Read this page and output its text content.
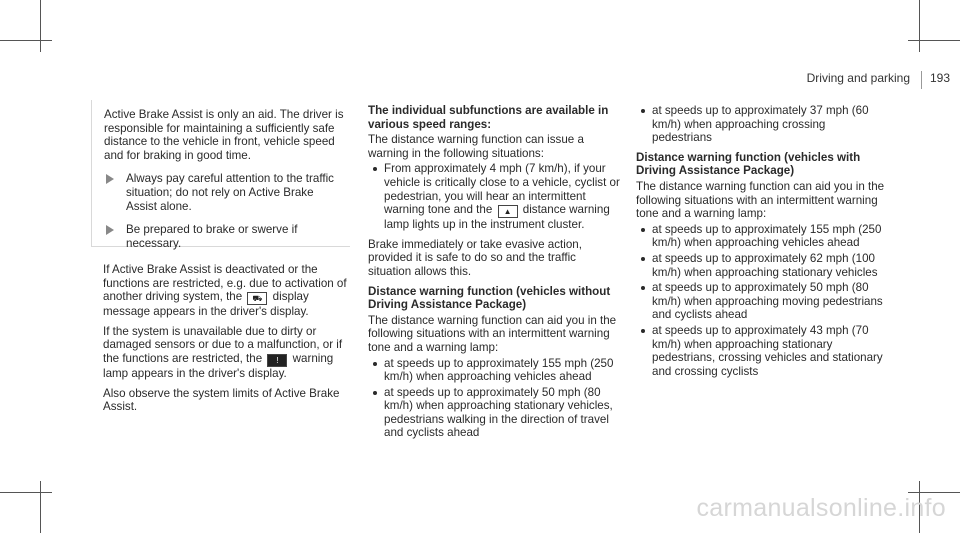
Driving and parking 193

Active Brake Assist is only an aid. The driver is responsible for maintaining a sufficiently safe distance to the vehicle in front, vehicle speed and for braking in good time.

Always pay careful attention to the traffic situation; do not rely on Active Brake Assist alone.
Be prepared to brake or swerve if necessary.

If Active Brake Assist is deactivated or the functions are restricted, e.g. due to activation of another driving system, the ⛟ display message appears in the driver's display.

If the system is unavailable due to dirty or damaged sensors or due to a malfunction, or if the functions are restricted, the ! warning lamp appears in the driver's display.

Also observe the system limits of Active Brake Assist.

The individual subfunctions are available in various speed ranges:

The distance warning function can issue a warning in the following situations:

From approximately 4 mph (7 km/h), if your vehicle is critically close to a vehicle, cyclist or pedestrian, you will hear an intermittent warning tone and the ▲ distance warning lamp lights up in the instrument cluster.

Brake immediately or take evasive action, provided it is safe to do so and the traffic situation allows this.

Distance warning function (vehicles without Driving Assistance Package)

The distance warning function can aid you in the following situations with an intermittent warning tone and a warning lamp:

at speeds up to approximately 155 mph (250 km/h) when approaching vehicles ahead
at speeds up to approximately 50 mph (80 km/h) when approaching stationary vehicles, pedestrians walking in the direction of travel and cyclists ahead
at speeds up to approximately 37 mph (60 km/h) when approaching crossing pedestrians
Distance warning function (vehicles with Driving Assistance Package)

The distance warning function can aid you in the following situations with an intermittent warning tone and a warning lamp:

at speeds up to approximately 155 mph (250 km/h) when approaching vehicles ahead
at speeds up to approximately 62 mph (100 km/h) when approaching stationary vehicles
at speeds up to approximately 50 mph (80 km/h) when approaching moving pedestrians and cyclists ahead
at speeds up to approximately 43 mph (70 km/h) when approaching stationary pedestrians, crossing vehicles and stationary and crossing cyclists
carmanualsonline.info
